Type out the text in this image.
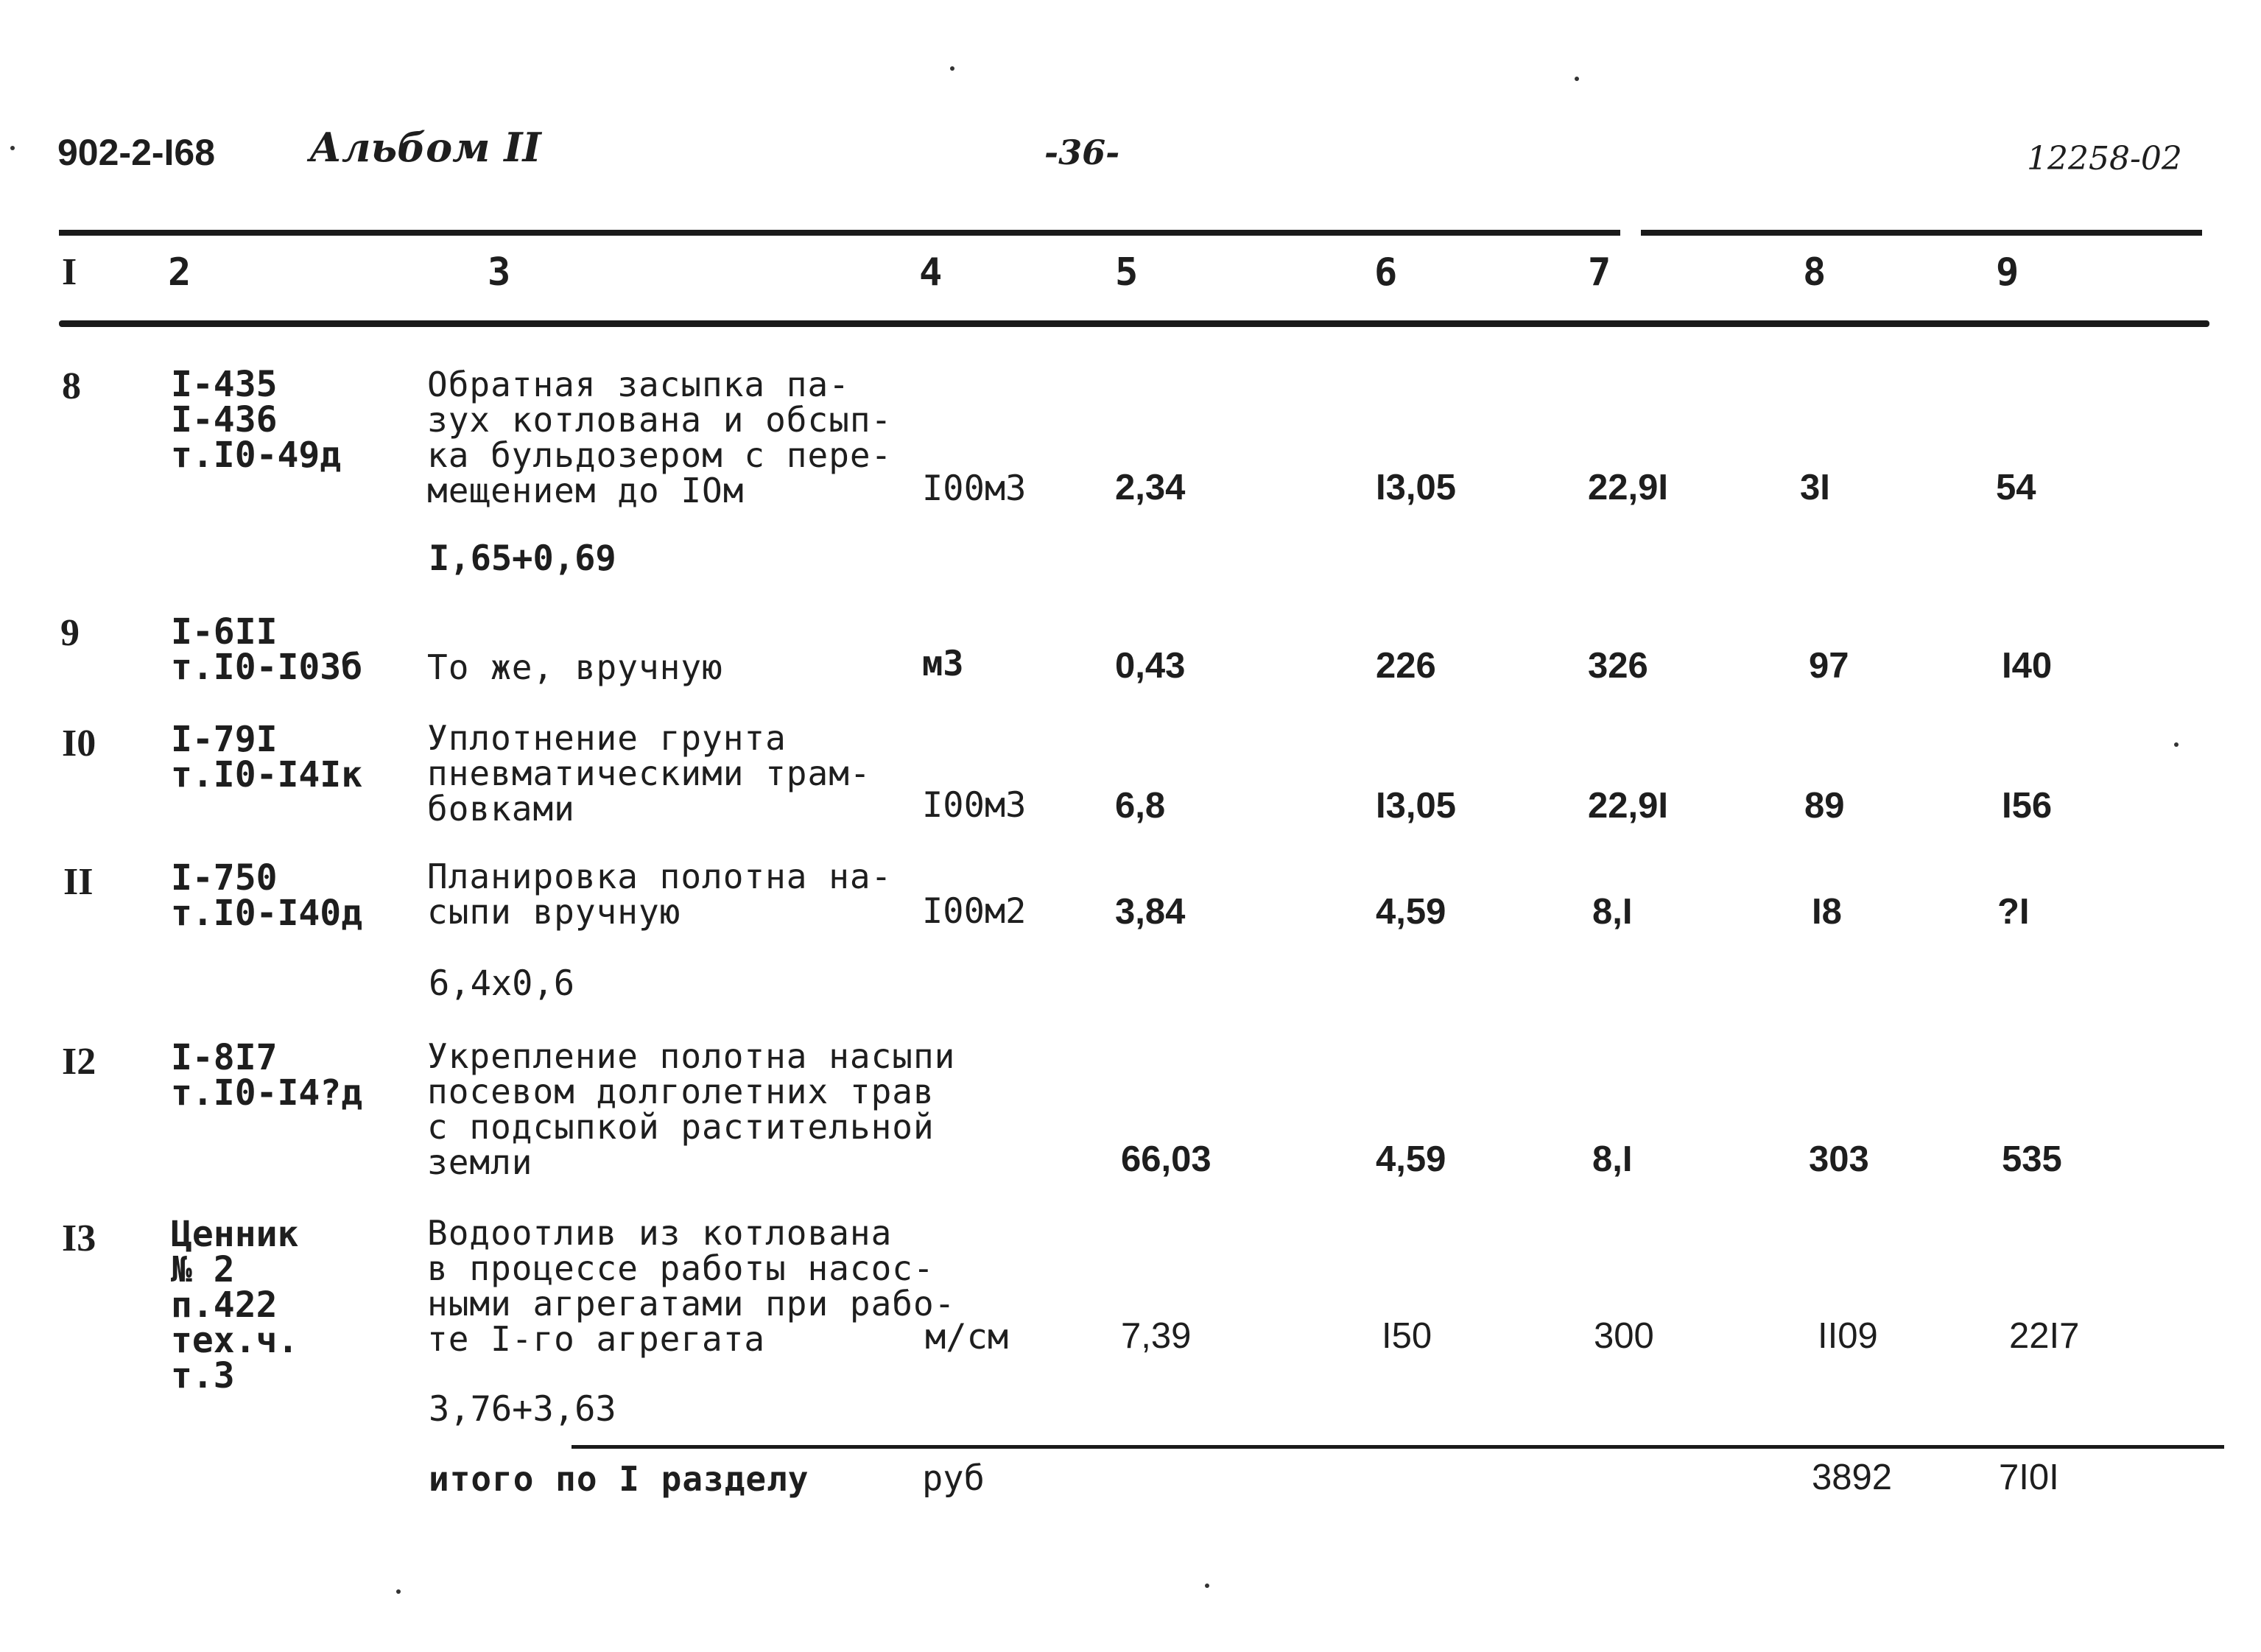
902-2-I68 Альбом II	-36-	12258-02
I 2	3	4	5	6	7	8	9
8	I-435
I-436
т.I0-49д
Обратная засыпка па-
зух котлована и обсып-
ка бульдозером с пере-
мещением до IOм	I00м3 2,34	I3,05	22,9I	3I	54
I,65+0,69
9	I-6II
т.I0-I03б То же, вручную	м3	0,43	226	326	97	I40
I0 I-79I
т.I0-I4Iк
Уплотнение грунта
пневматическими трам-
бовками	I00м3 6,8	I3,05	22,9I	89	I56
II I-750
т.I0-I40д
Планировка полотна на-
сыпи вручную	I00м2 3,84	4,59	8,I	I8	?I
6,4х0,6
I2 I-8I7
т.I0-I4?д
Укрепление полотна насыпи
посевом долголетних трав
с подсыпкой растительной
земли	66,03	4,59	8,I	303	535
I3 Ценник
№ 2
п.422
тех.ч.
т.3
Водоотлив из котлована
в процессе работы насос-
ными агрегатами при рабо-
те I-го агрегата	м/см	7,39	I50	300	II09	22I7
3,76+3,63
итого по I разделу	руб	3892	7I0I
